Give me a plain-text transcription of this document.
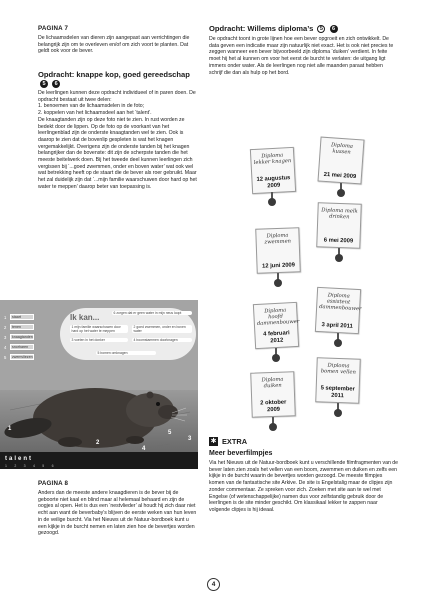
PAGINA 7
De lichaamsdelen van dieren zijn aangepast aan verrichtingen die belangrijk zijn om te overleven en/of om zich voort te planten. Dat geldt ook voor de bever.
Opdracht: knappe kop, goed gereedschap 5 6
De leerlingen kunnen deze opdracht individueel of in paren doen. De opdracht bestaat uit twee delen:
1. benoemen van de lichaamsdelen in de foto;
2. koppelen van het lichaamsdeel aan het ‘talent’.
De knaagtanden zijn op deze foto niet te zien. In rust worden ze bedekt door de lippen. Op de foto op de voorkant van het leerlingenblad zijn de onderste knaagtanden wel te zien. Ook is daarop te zien dat de bovenlip gespleten is wat het knagen vergemakkelijkt. Overigens zijn de onderste tanden bij het knagen belangrijker dan de bovenste: dit zijn de scherpste tanden die het meeste beitelwerk doen. Bij het tweede deel kunnen leerlingen zich vergissen bij ‘...goed zwemmen, onder en boven water’ wat ook wel wat betrekking heeft op de staart die de bever als roer gebruikt. Maar het zal duidelijk zijn dat ‘...mijn familie waarschuwen door hard op het water te meppen’ daarop beter van toepassing is.
Ik kan...	6 zorgen dat er geen water in mijn neus loopt
1 mijn familie waarschuwen door hard op het water te meppen
2 goed zwemmen, onder en boven water
3 voelen in het donker	4 boomstammen doorknagen
5 bomen omknagen
1	staart
2	tenen
3	knaagtanden
4	snorharen
5	zwemvliezen
1
2
3
4
5
talent
1 2 3 4 5 6
PAGINA 8
Anders dan de meeste andere knaagdieren is de bever bij de geboorte niet kaal en blind maar al helemaal behaard en zijn de oogjes al open. Het is dus een ‘nestvlieder’ al houdt hij zich daar niet echt aan want de beverbaby’s blijven de eerste weken van hun leven in de veilige burcht. Via het Nieuws uit de Natuur-bordboek kunt u een kijkje in de burcht nemen en laten zien hoe de bevertjes worden gezoogd.
Opdracht: Willems diploma’s 5 6
De opdracht toont in grote lijnen hoe een bever opgroeit en zich ontwikkelt. De data geven een indicatie maar zijn natuurlijk niet exact. Het is ook niet precies te zeggen wanneer een bever bijvoorbeeld zijn diploma ‘duiken’ verdient. In feite moet hij het al kunnen om voor het eerst de burcht te verlaten: de uitgang ligt immers onder water. Als de leerlingen nog niet alle maanden paraat hebben schrijf die dan als hulp op het bord.
Diploma lekker knagen
12 augustus 2009
Diploma kussen
21 mei 2009
Diploma melk drinken
6 mei 2009
Diploma zwemmen
12 juni 2009
Diploma assistent dammenbouwer
3 april 2011
Diploma hoofd dammenbouwer
4 februari 2012
Diploma bomen vellen
5 september 2011
Diploma duiken
2 oktober 2009
✱ EXTRA
Meer beverfilmpjes
Via het Nieuws uit de Natuur-bordboek kunt u verschillende filmfragmenten van de bever laten zien zoals het vellen van een boom, zwemmen en duiken en zelfs een kijkje in de burcht waarin de bevertjes worden gezoogd. De meeste filmpjes komen van de fantastische site Arkive. De site is Engelstalig maar de clipjes zijn zonder commentaar. Ze spreken voor zich. Zoeken met site aan te wel met Engelse (of wetenschappelijke) namen dus voor zelfstandig gebruik door de leerlingen is de site minder geschikt. Om klassikaal lekker te zappen naar volgende clipjes is hij ideaal.
4
